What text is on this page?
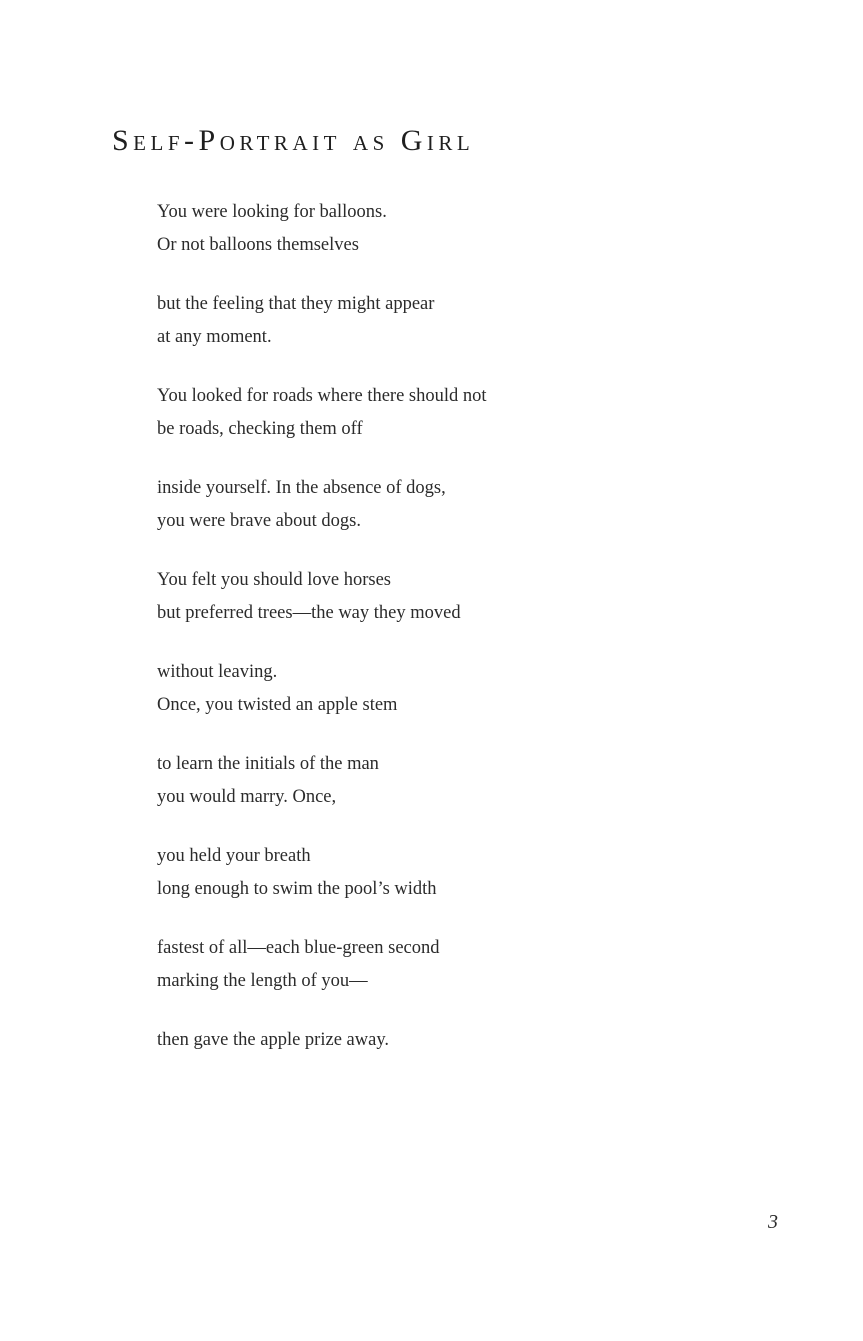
Self-Portrait as Girl

You were looking for balloons.
Or not balloons themselves

but the feeling that they might appear
at any moment.

You looked for roads where there should not
be roads, checking them off

inside yourself. In the absence of dogs,
you were brave about dogs.

You felt you should love horses
but preferred trees—the way they moved

without leaving.
Once, you twisted an apple stem

to learn the initials of the man
you would marry. Once,

you held your breath
long enough to swim the pool’s width

fastest of all—each blue-green second
marking the length of you—

then gave the apple prize away.

3
